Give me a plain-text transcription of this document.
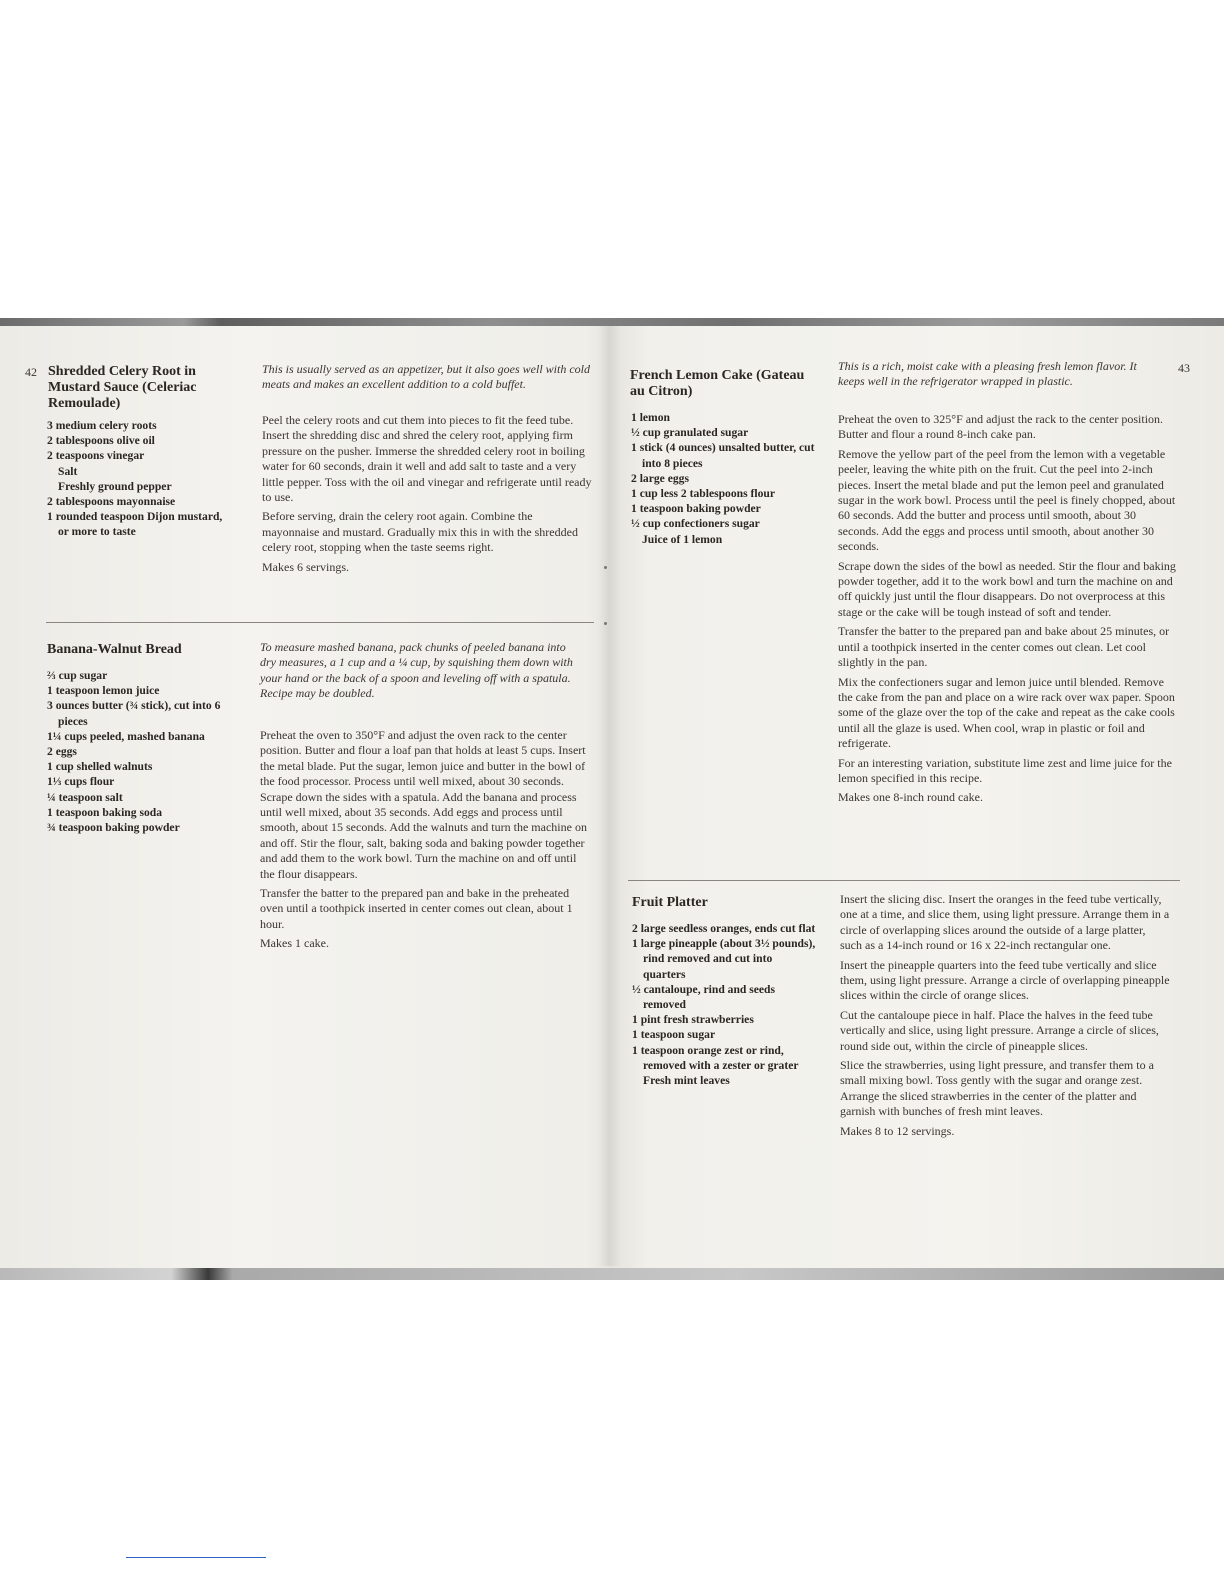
42 Shredded Celery Root in Mustard Sauce (Celeriac Remoulade)
3 medium celery roots
2 tablespoons olive oil
2 teaspoons vinegar
Salt
Freshly ground pepper
2 tablespoons mayonnaise
1 rounded teaspoon Dijon mustard, or more to taste
This is usually served as an appetizer, but it also goes well with cold meats and makes an excellent addition to a cold buffet.

Peel the celery roots and cut them into pieces to fit the feed tube. Insert the shredding disc and shred the celery root, applying firm pressure on the pusher. Immerse the shredded celery root in boiling water for 60 seconds, drain it well and add salt to taste and a very little pepper. Toss with the oil and vinegar and refrigerate until ready to use.

Before serving, drain the celery root again. Combine the mayonnaise and mustard. Gradually mix this in with the shredded celery root, stopping when the taste seems right.

Makes 6 servings.

Banana-Walnut Bread
⅔ cup sugar
1 teaspoon lemon juice
3 ounces butter (¾ stick), cut into 6 pieces
1¼ cups peeled, mashed banana
2 eggs
1 cup shelled walnuts
1⅓ cups flour
¼ teaspoon salt
1 teaspoon baking soda
¾ teaspoon baking powder
To measure mashed banana, pack chunks of peeled banana into dry measures, a 1 cup and a ¼ cup, by squishing them down with your hand or the back of a spoon and leveling off with a spatula. Recipe may be doubled.

Preheat the oven to 350°F and adjust the oven rack to the center position. Butter and flour a loaf pan that holds at least 5 cups. Insert the metal blade. Put the sugar, lemon juice and butter in the bowl of the food processor. Process until well mixed, about 30 seconds. Scrape down the sides with a spatula. Add the banana and process until well mixed, about 35 seconds. Add eggs and process until smooth, about 15 seconds. Add the walnuts and turn the machine on and off. Stir the flour, salt, baking soda and baking powder together and add them to the work bowl. Turn the machine on and off until the flour disappears.

Transfer the batter to the prepared pan and bake in the preheated oven until a toothpick inserted in center comes out clean, about 1 hour.

Makes 1 cake.

43
French Lemon Cake (Gateau au Citron)
1 lemon
½ cup granulated sugar
1 stick (4 ounces) unsalted butter, cut into 8 pieces
2 large eggs
1 cup less 2 tablespoons flour
1 teaspoon baking powder
½ cup confectioners sugar
Juice of 1 lemon
This is a rich, moist cake with a pleasing fresh lemon flavor. It keeps well in the refrigerator wrapped in plastic.

Preheat the oven to 325°F and adjust the rack to the center position. Butter and flour a round 8-inch cake pan.

Remove the yellow part of the peel from the lemon with a vegetable peeler, leaving the white pith on the fruit. Cut the peel into 2-inch pieces. Insert the metal blade and put the lemon peel and granulated sugar in the work bowl. Process until the peel is finely chopped, about 60 seconds. Add the butter and process until smooth, about 30 seconds. Add the eggs and process until smooth, about another 30 seconds.

Scrape down the sides of the bowl as needed. Stir the flour and baking powder together, add it to the work bowl and turn the machine on and off quickly just until the flour disappears. Do not overprocess at this stage or the cake will be tough instead of soft and tender.

Transfer the batter to the prepared pan and bake about 25 minutes, or until a toothpick inserted in the center comes out clean. Let cool slightly in the pan.

Mix the confectioners sugar and lemon juice until blended. Remove the cake from the pan and place on a wire rack over wax paper. Spoon some of the glaze over the top of the cake and repeat as the cake cools until all the glaze is used. When cool, wrap in plastic or foil and refrigerate.

For an interesting variation, substitute lime zest and lime juice for the lemon specified in this recipe.

Makes one 8-inch round cake.

Fruit Platter
2 large seedless oranges, ends cut flat
1 large pineapple (about 3½ pounds), rind removed and cut into quarters
½ cantaloupe, rind and seeds removed
1 pint fresh strawberries
1 teaspoon sugar
1 teaspoon orange zest or rind, removed with a zester or grater
Fresh mint leaves

Insert the slicing disc. Insert the oranges in the feed tube vertically, one at a time, and slice them, using light pressure. Arrange them in a circle of overlapping slices around the outside of a large platter, such as a 14-inch round or 16 x 22-inch rectangular one.

Insert the pineapple quarters into the feed tube vertically and slice them, using light pressure. Arrange a circle of overlapping pineapple slices within the circle of orange slices.

Cut the cantaloupe piece in half. Place the halves in the feed tube vertically and slice, using light pressure. Arrange a circle of slices, round side out, within the circle of pineapple slices.

Slice the strawberries, using light pressure, and transfer them to a small mixing bowl. Toss gently with the sugar and orange zest. Arrange the sliced strawberries in the center of the platter and garnish with bunches of fresh mint leaves.

Makes 8 to 12 servings.
